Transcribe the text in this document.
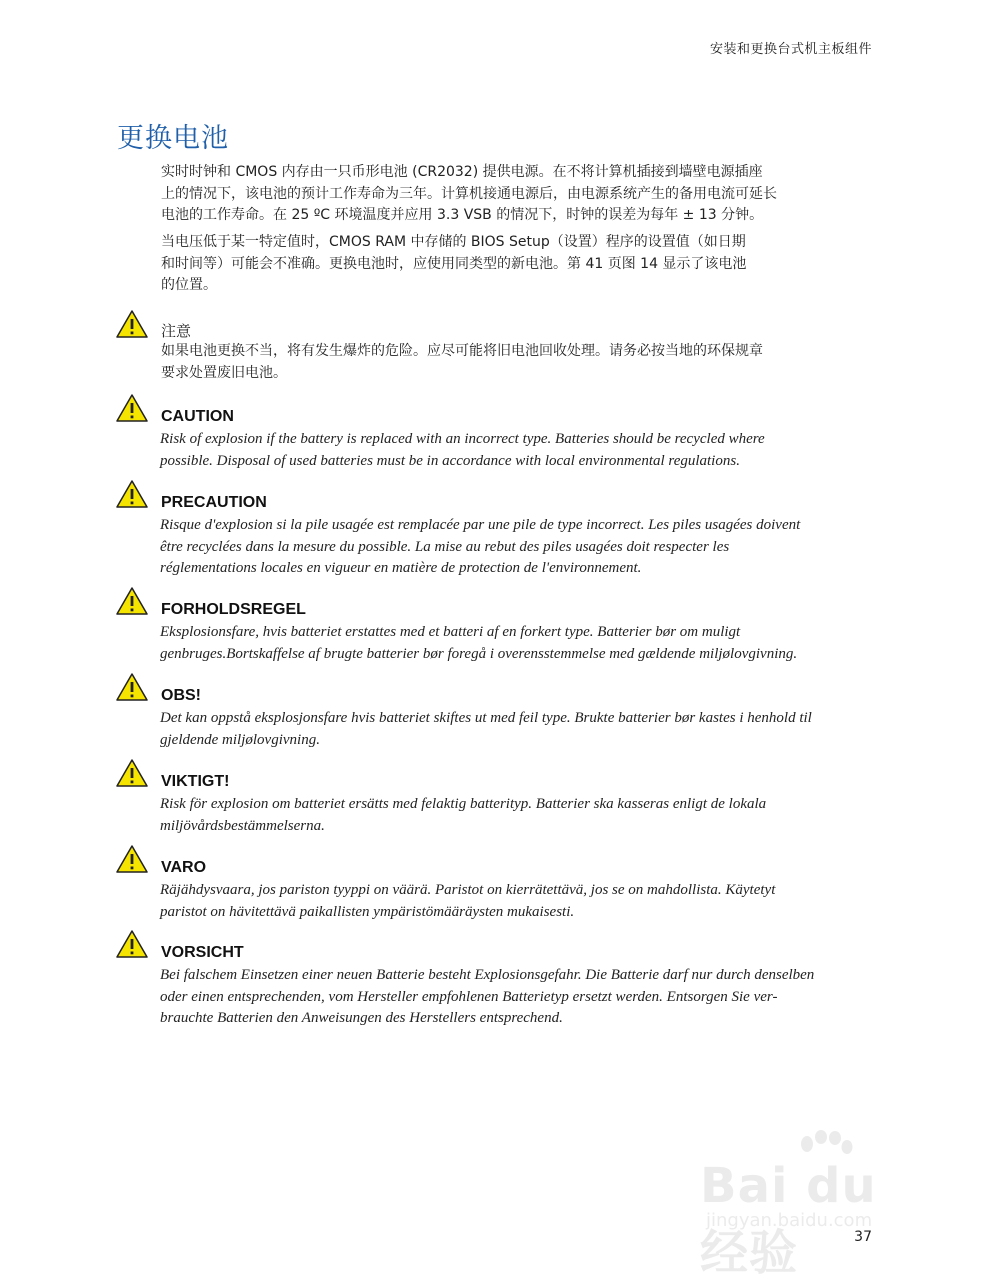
安装和更换台式机主板组件
更换电池
实时时钟和 CMOS 内存由一只币形电池 (CR2032) 提供电源。在不将计算机插接到墙壁电源插座
上的情况下，该电池的预计工作寿命为三年。计算机接通电源后，由电源系统产生的备用电流可延长
电池的工作寿命。在 25 ºC 环境温度并应用 3.3 VSB 的情况下，时钟的误差为每年 ± 13 分钟。
当电压低于某一特定值时，CMOS RAM 中存储的 BIOS Setup（设置）程序的设置值（如日期
和时间等）可能会不准确。更换电池时，应使用同类型的新电池。第 41 页图 14 显示了该电池
的位置。
注意
如果电池更换不当，将有发生爆炸的危险。应尽可能将旧电池回收处理。请务必按当地的环保规章
要求处置废旧电池。
CAUTION
Risk of explosion if the battery is replaced with an incorrect type. Batteries should be recycled where
possible. Disposal of used batteries must be in accordance with local environmental regulations.
PRECAUTION
Risque d'explosion si la pile usagée est remplacée par une pile de type incorrect. Les piles usagées doivent
être recyclées dans la mesure du possible. La mise au rebut des piles usagées doit respecter les
réglementations locales en vigueur en matière de protection de l'environnement.
FORHOLDSREGEL
Eksplosionsfare, hvis batteriet erstattes med et batteri af en forkert type. Batterier bør om muligt
genbruges.Bortskaffelse af brugte batterier bør foregå i overensstemmelse med gældende miljølovgivning.
OBS!
Det kan oppstå eksplosjonsfare hvis batteriet skiftes ut med feil type. Brukte batterier bør kastes i henhold til
gjeldende miljølovgivning.
VIKTIGT!
Risk för explosion om batteriet ersätts med felaktig batterityp. Batterier ska kasseras enligt de lokala
miljövårdsbestämmelserna.
VARO
Räjähdysvaara, jos pariston tyyppi on väärä. Paristot on kierrätettävä, jos se on mahdollista. Käytetyt
paristot on hävitettävä paikallisten ympäristömääräysten mukaisesti.
VORSICHT
Bei falschem Einsetzen einer neuen Batterie besteht Explosionsgefahr. Die Batterie darf nur durch denselben
oder einen entsprechenden, vom Hersteller empfohlenen Batterietyp ersetzt werden. Entsorgen Sie ver-
brauchte Batterien den Anweisungen des Herstellers entsprechend.
Bai du 经验
jingyan.baidu.com
37
